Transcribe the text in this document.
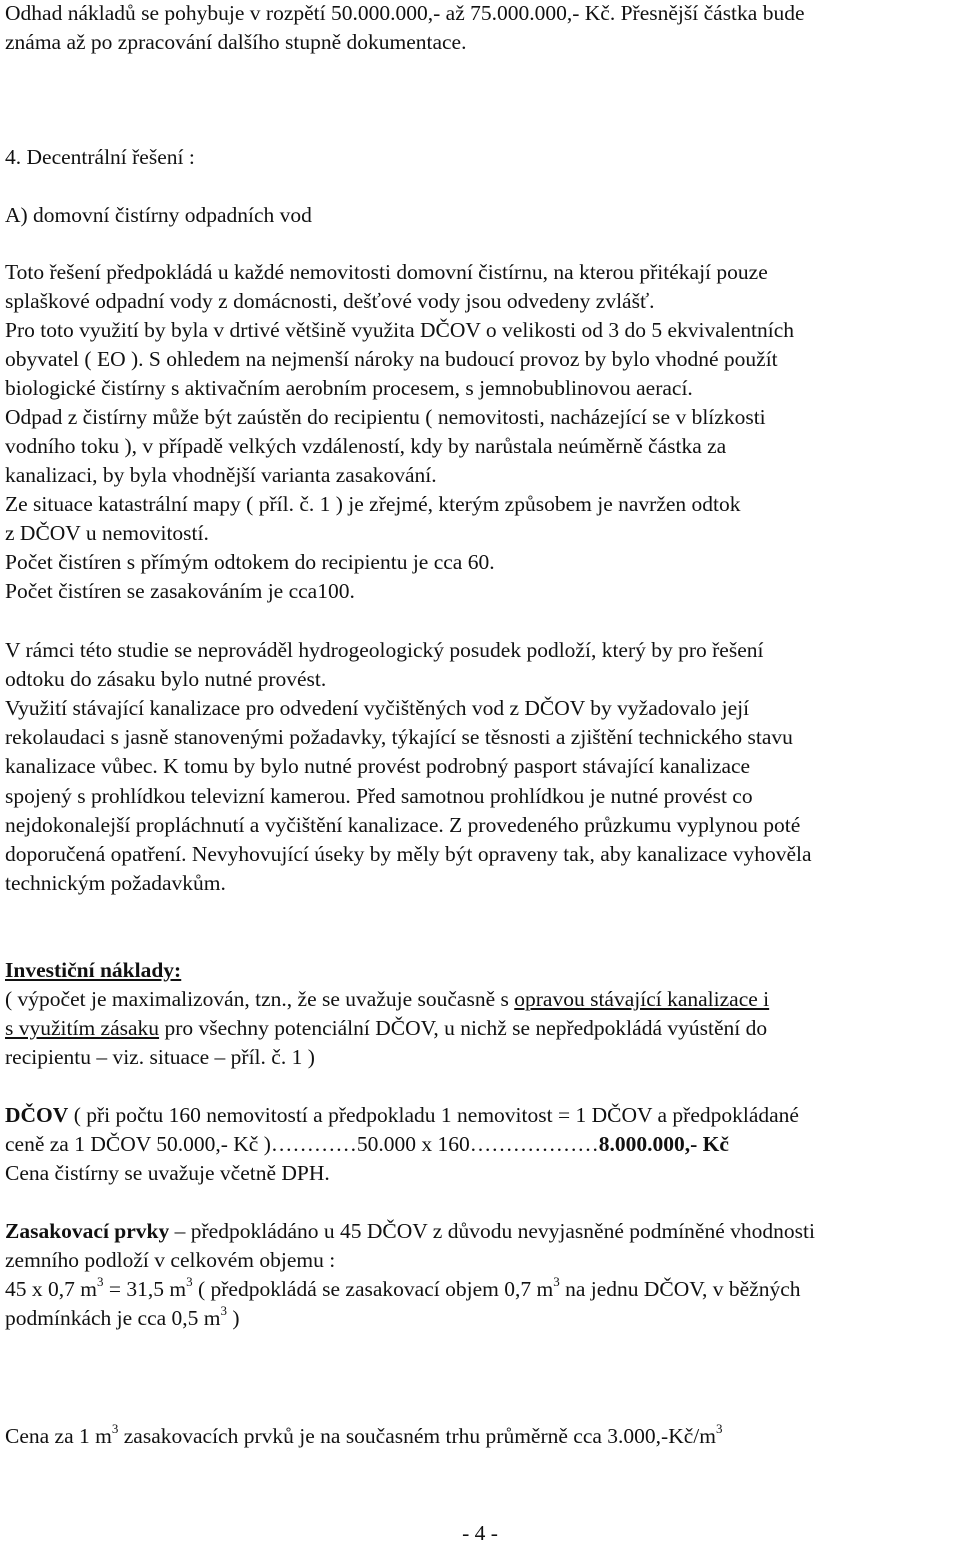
Odhad nákladů se pohybuje v rozpětí 50.000.000,- až 75.000.000,- Kč. Přesnější částka bude
známa až po zpracování dalšího stupně dokumentace.
4. Decentrální řešení :
A) domovní čistírny odpadních vod
Toto řešení předpokládá u každé nemovitosti domovní čistírnu, na kterou přitékají pouze
splaškové odpadní vody z domácnosti, dešťové vody jsou odvedeny zvlášť.
Pro toto využití by byla v drtivé většině využita DČOV o velikosti od 3 do 5 ekvivalentních
obyvatel ( EO ). S ohledem na nejmenší nároky na budoucí provoz by bylo vhodné použít
biologické čistírny s aktivačním aerobním procesem, s jemnobublinovou aerací.
Odpad z čistírny může být zaústěn do recipientu ( nemovitosti, nacházející se v blízkosti
vodního toku ), v případě velkých vzdáleností, kdy by narůstala neúměrně částka za
kanalizaci, by byla vhodnější varianta zasakování.
Ze situace katastrální mapy ( příl. č. 1 ) je zřejmé, kterým způsobem je navržen odtok
z DČOV u nemovitostí.
Počet čistíren s přímým odtokem do recipientu je cca 60.
Počet čistíren se zasakováním je cca100.
V rámci této studie se neprováděl hydrogeologický posudek podloží, který by pro řešení
odtoku do zásaku bylo nutné provést.
Využití stávající kanalizace pro odvedení vyčištěných vod z DČOV by vyžadovalo její
rekolaudaci s jasně stanovenými požadavky, týkající se těsnosti a zjištění technického stavu
kanalizace vůbec. K tomu by bylo nutné provést podrobný pasport stávající kanalizace
spojený s prohlídkou televizní kamerou. Před samotnou prohlídkou je nutné provést co
nejdokonalejší propláchnutí a vyčištění kanalizace. Z provedeného průzkumu vyplynou poté
doporučená opatření. Nevyhovující úseky by měly být opraveny tak, aby kanalizace vyhověla
technickým požadavkům.
Investiční náklady:
( výpočet je maximalizován, tzn., že se uvažuje současně s opravou stávající kanalizace i
s využitím zásaku pro všechny potenciální DČOV, u nichž se nepředpokládá vyústění do
recipientu – viz. situace – příl. č. 1 )
DČOV ( při počtu 160 nemovitostí a předpokladu 1 nemovitost = 1 DČOV a předpokládané
ceně za 1 DČOV 50.000,- Kč )…………50.000 x 160………………8.000.000,- Kč
Cena čistírny se uvažuje včetně DPH.
Zasakovací prvky – předpokládáno u 45 DČOV z důvodu nevyjasněné podmíněné vhodnosti
zemního podloží v celkovém objemu :
45 x 0,7 $m^3 = 31,5$ $m^3$ ( předpokládá se zasakovací objem 0,7 $m^3$ na jednu DČOV, v běžných
podmínkách je cca 0,5 $m^3$ )
Cena za 1 $m^3$ zasakovacích prvků je na současném trhu průměrně cca $3.000,-Kč/m^3$
- 4 -
